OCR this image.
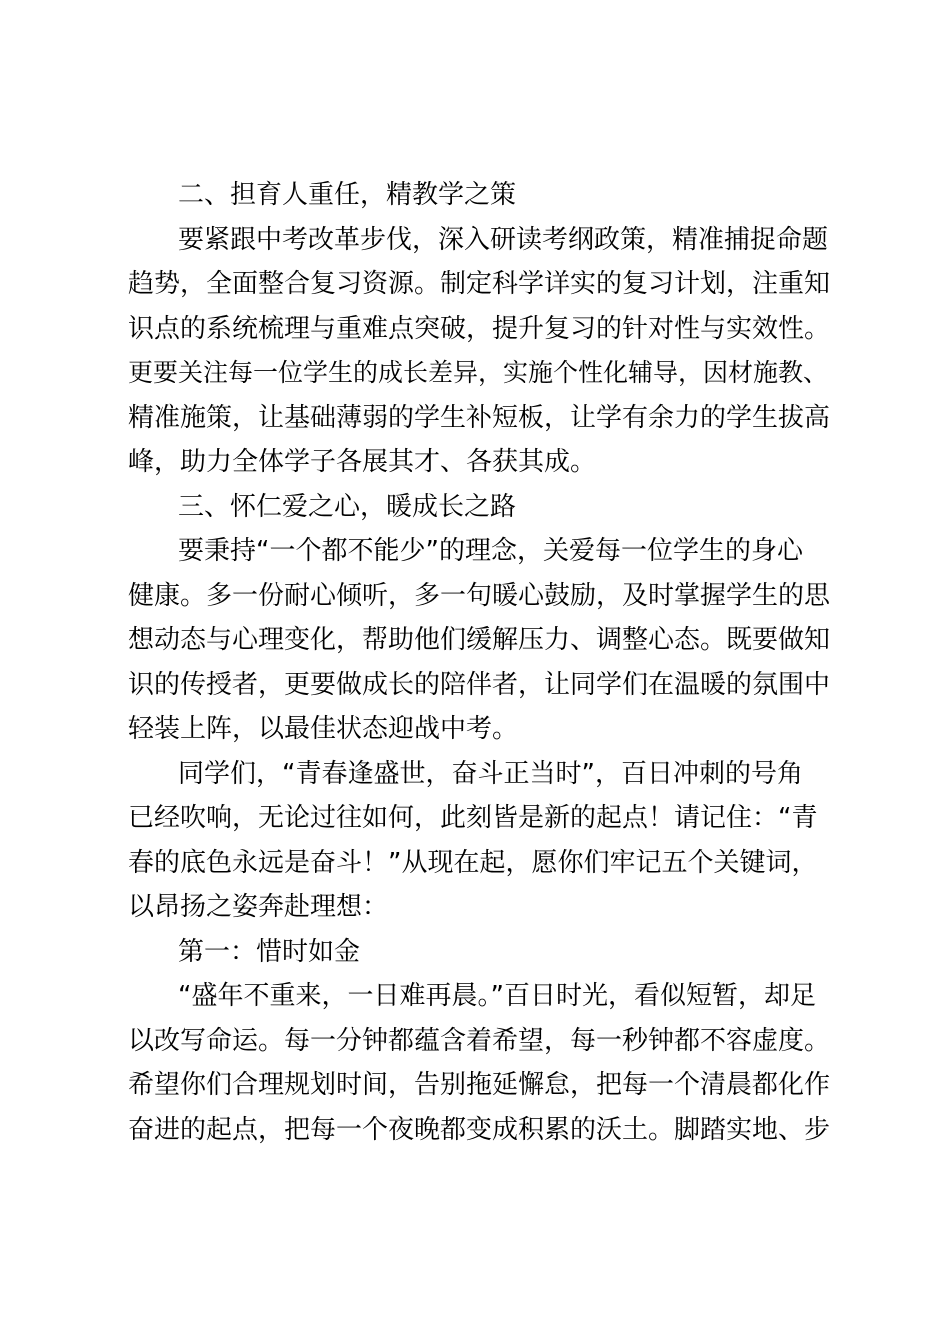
二、担育人重任，精教学之策
要紧跟中考改革步伐，深入研读考纲政策，精准捕捉命题
趋势，全面整合复习资源。制定科学详实的复习计划，注重知
识点的系统梳理与重难点突破，提升复习的针对性与实效性。
更要关注每一位学生的成长差异，实施个性化辅导，因材施教、
精准施策，让基础薄弱的学生补短板，让学有余力的学生拔高
峰，助力全体学子各展其才、各获其成。
三、怀仁爱之心，暖成长之路
要秉持“一个都不能少”的理念，关爱每一位学生的身心
健康。多一份耐心倾听，多一句暖心鼓励，及时掌握学生的思
想动态与心理变化，帮助他们缓解压力、调整心态。既要做知
识的传授者，更要做成长的陪伴者，让同学们在温暖的氛围中
轻装上阵，以最佳状态迎战中考。
同学们，“青春逢盛世，奋斗正当时”，百日冲刺的号角
已经吹响，无论过往如何，此刻皆是新的起点！请记住：“青
春的底色永远是奋斗！”从现在起，愿你们牢记五个关键词，
以昂扬之姿奔赴理想：
第一：惜时如金
“盛年不重来，一日难再晨。”百日时光，看似短暂，却足
以改写命运。每一分钟都蕴含着希望，每一秒钟都不容虚度。
希望你们合理规划时间，告别拖延懈怠，把每一个清晨都化作
奋进的起点，把每一个夜晚都变成积累的沃土。脚踏实地、步
